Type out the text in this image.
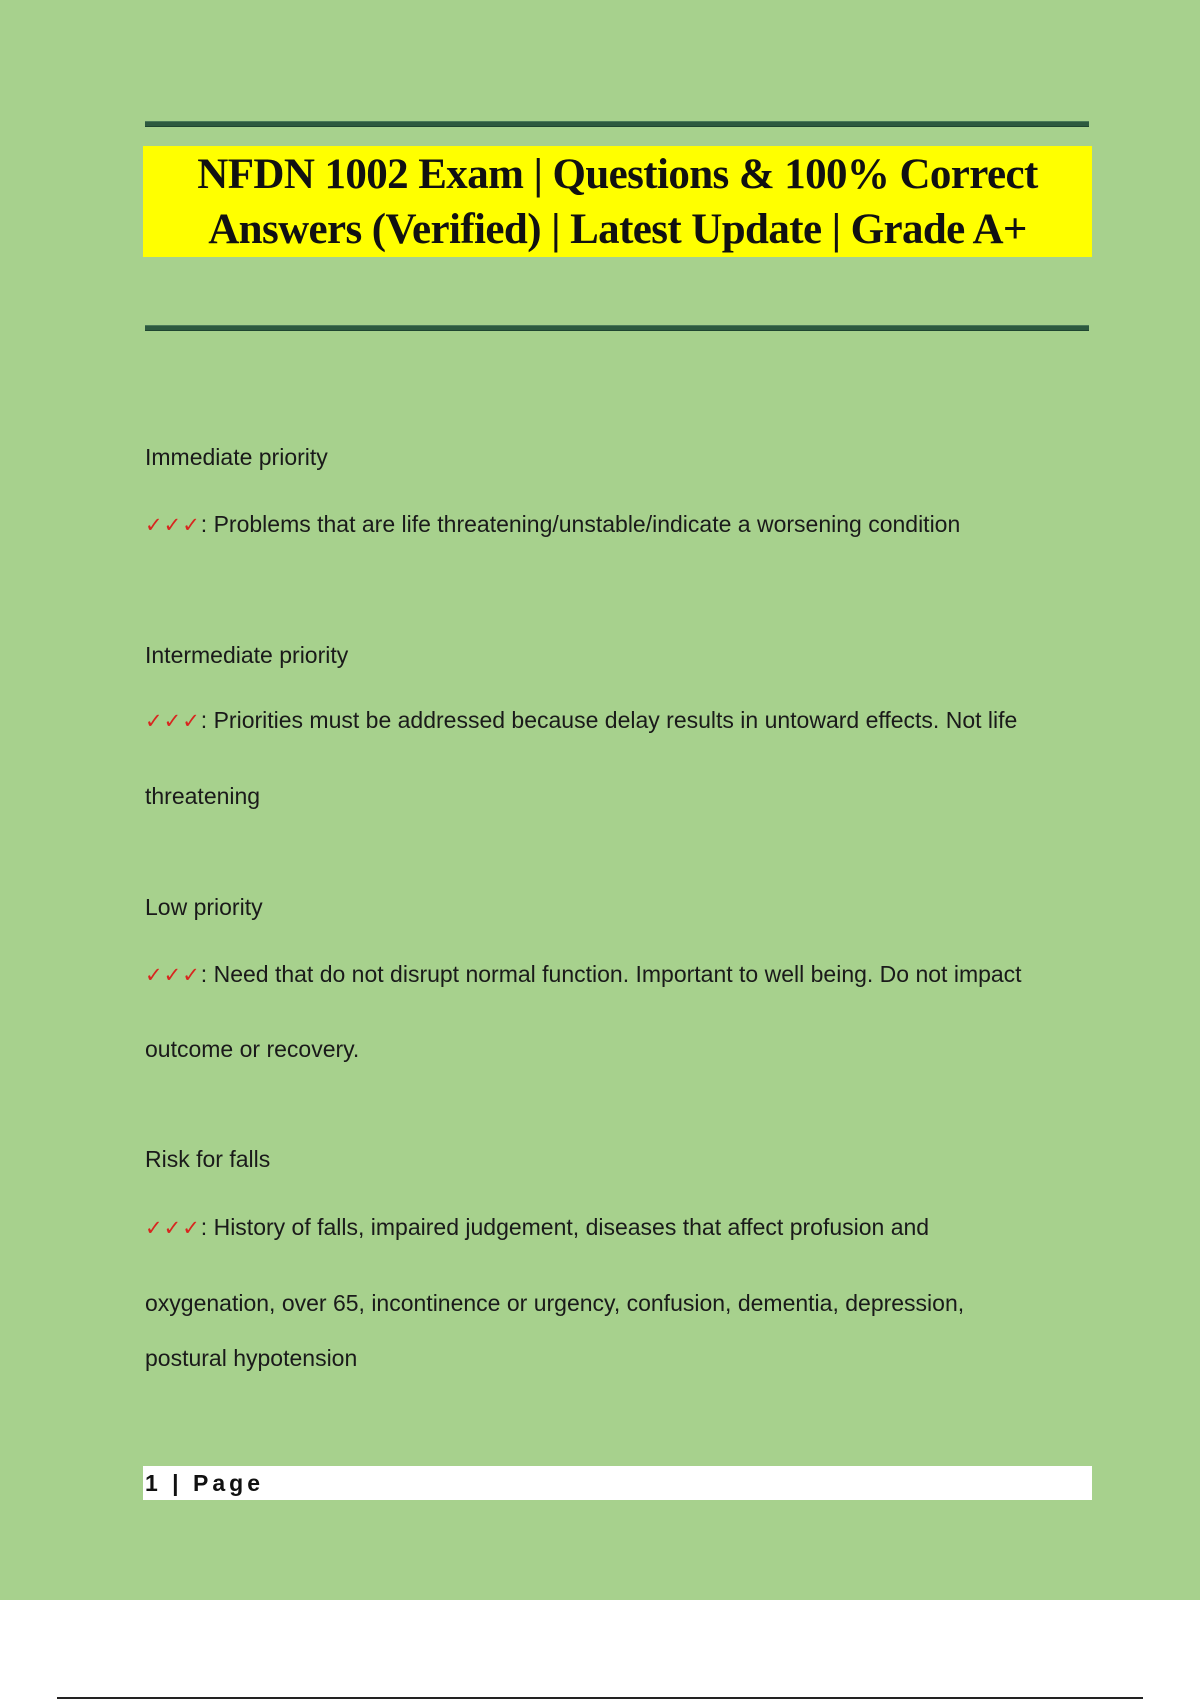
NFDN 1002 Exam | Questions & 100% Correct Answers (Verified) | Latest Update | Grade A+
Immediate priority
✓✓✓: Problems that are life threatening/unstable/indicate a worsening condition
Intermediate priority
✓✓✓: Priorities must be addressed because delay results in untoward effects. Not life
threatening
Low priority
✓✓✓: Need that do not disrupt normal function. Important to well being. Do not impact
outcome or recovery.
Risk for falls
✓✓✓: History of falls, impaired judgement, diseases that affect profusion and
oxygenation, over 65, incontinence or urgency, confusion, dementia, depression,
postural hypotension
1 | Page
